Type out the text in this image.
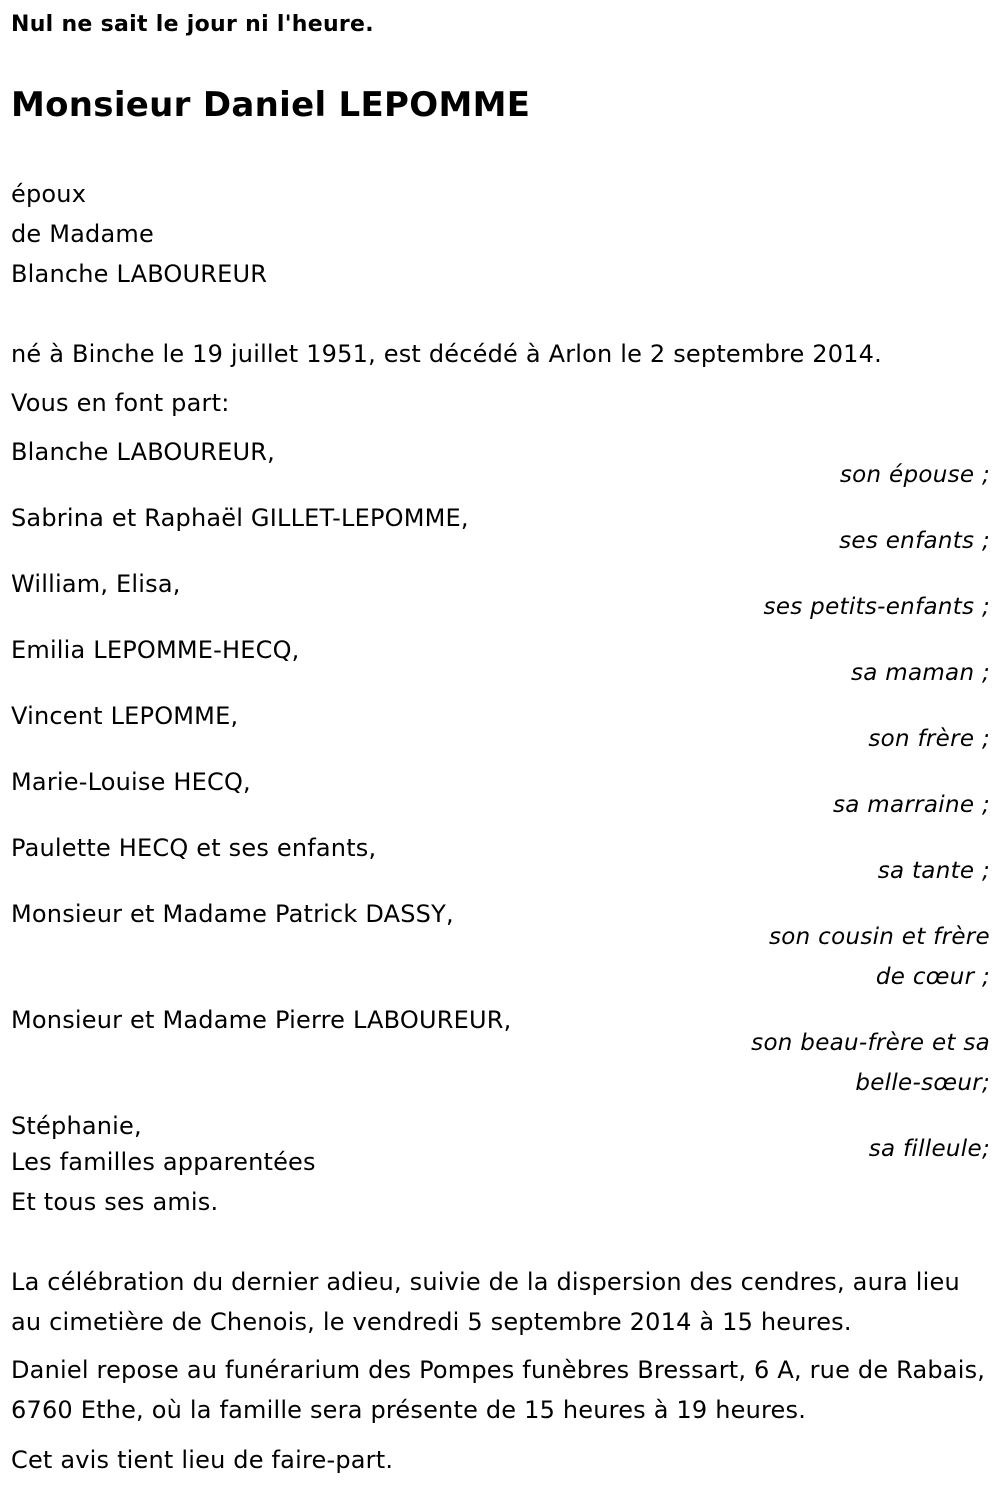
Nul ne sait le jour ni l'heure.
Monsieur Daniel LEPOMME
époux
de Madame
Blanche LABOUREUR
né à Binche le 19 juillet 1951, est décédé à Arlon le 2 septembre 2014.
Vous en font part:
Blanche LABOUREUR,
son épouse ;
Sabrina et Raphaël GILLET-LEPOMME,
ses enfants ;
William, Elisa,
ses petits-enfants ;
Emilia LEPOMME-HECQ,
sa maman ;
Vincent LEPOMME,
son frère ;
Marie-Louise HECQ,
sa marraine ;
Paulette HECQ et ses enfants,
sa tante ;
Monsieur et Madame Patrick DASSY,
son cousin et frère
de cœur ;
Monsieur et Madame Pierre LABOUREUR,
son beau-frère et sa
belle-sœur;
Stéphanie,
sa filleule;
Les familles apparentées
Et tous ses amis.
La célébration du dernier adieu, suivie de la dispersion des cendres, aura lieu au cimetière de Chenois, le vendredi 5 septembre 2014 à 15 heures.
Daniel repose au funérarium des Pompes funèbres Bressart, 6 A, rue de Rabais, 6760 Ethe, où la famille sera présente de 15 heures à 19 heures.
Cet avis tient lieu de faire-part.
